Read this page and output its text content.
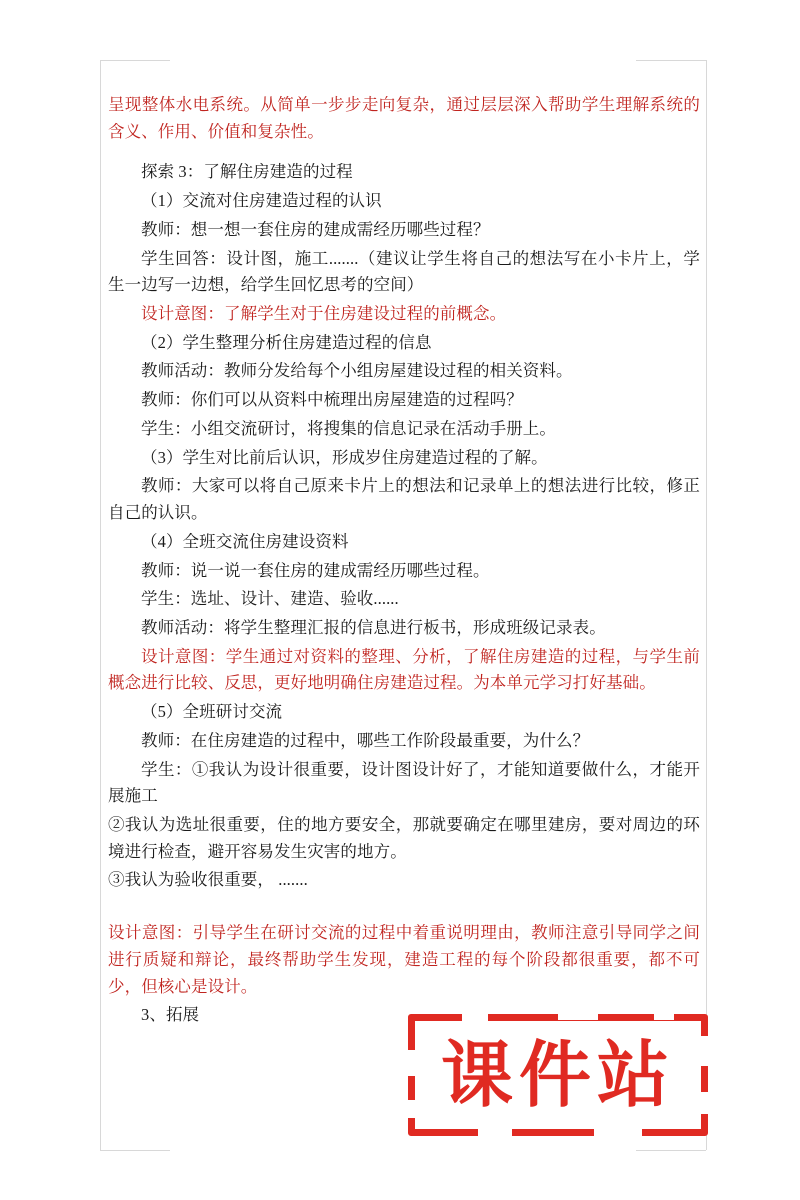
呈现整体水电系统。从简单一步步走向复杂，通过层层深入帮助学生理解系统的含义、作用、价值和复杂性。

探索 3：了解住房建造的过程

（1）交流对住房建造过程的认识

教师：想一想一套住房的建成需经历哪些过程？

学生回答：设计图，施工.......（建议让学生将自己的想法写在小卡片上，学生一边写一边想，给学生回忆思考的空间）

设计意图：了解学生对于住房建设过程的前概念。

（2）学生整理分析住房建造过程的信息

教师活动：教师分发给每个小组房屋建设过程的相关资料。

教师：你们可以从资料中梳理出房屋建造的过程吗？

学生：小组交流研讨，将搜集的信息记录在活动手册上。

（3）学生对比前后认识，形成岁住房建造过程的了解。

教师：大家可以将自己原来卡片上的想法和记录单上的想法进行比较，修正自己的认识。

（4）全班交流住房建设资料

教师：说一说一套住房的建成需经历哪些过程。

学生：选址、设计、建造、验收......

教师活动：将学生整理汇报的信息进行板书，形成班级记录表。

设计意图：学生通过对资料的整理、分析，了解住房建造的过程，与学生前概念进行比较、反思，更好地明确住房建造过程。为本单元学习打好基础。

（5）全班研讨交流

教师：在住房建造的过程中，哪些工作阶段最重要，为什么？

学生：①我认为设计很重要，设计图设计好了，才能知道要做什么，才能开展施工

②我认为选址很重要，住的地方要安全，那就要确定在哪里建房，要对周边的环境进行检查，避开容易发生灾害的地方。

③我认为验收很重要， .......

设计意图：引导学生在研讨交流的过程中着重说明理由，教师注意引导同学之间进行质疑和辩论，最终帮助学生发现，建造工程的每个阶段都很重要，都不可少，但核心是设计。

3、拓展

课件站
